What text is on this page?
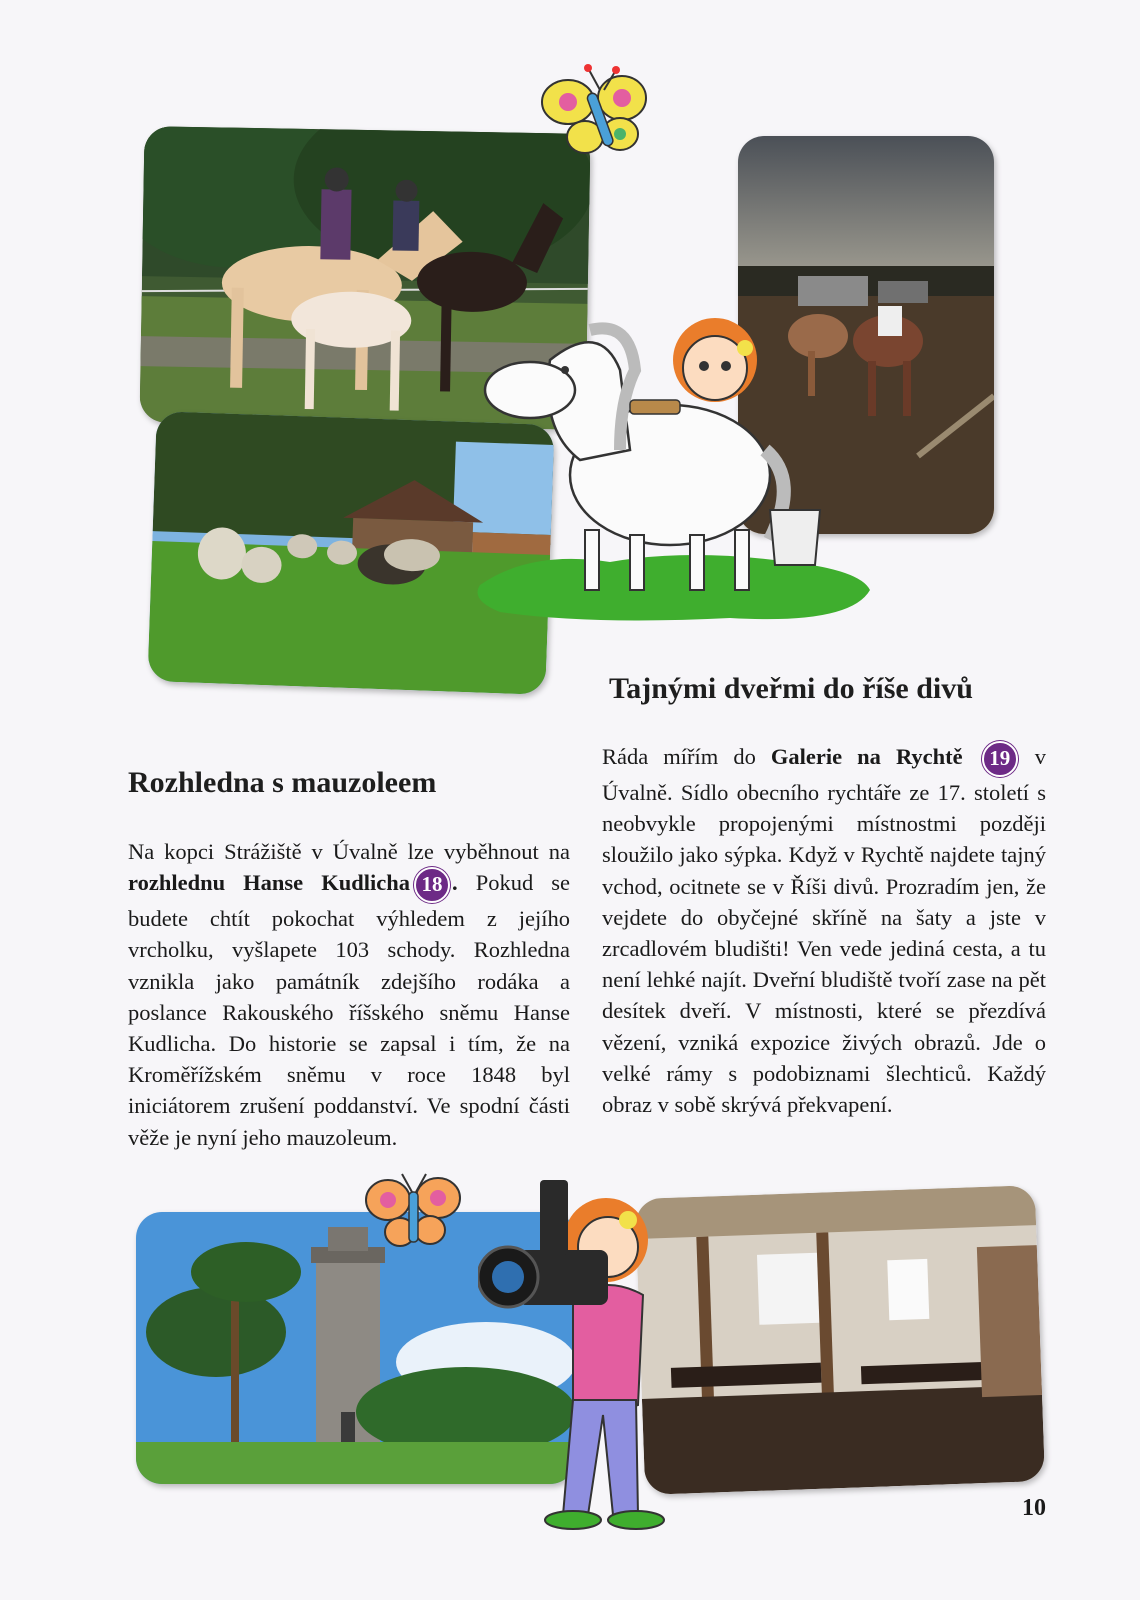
Tajnými dveřmi do říše divů
Rozhledna s mauzoleem

Na kopci Strážiště v Úvalně lze vyběhnout na rozhlednu Hanse Kudlicha 18 . Pokud se budete chtít pokochat výhledem z jejího vrcholku, vyšlapete 103 schody. Rozhledna vznikla jako památník zdejšího rodáka a poslance Rakouského říšského sněmu Hanse Kudlicha. Do historie se zapsal i tím, že na Kroměřížském sněmu v roce 1848 byl iniciátorem zrušení poddanství. Ve spodní části věže je nyní jeho mauzoleum.

Ráda mířím do Galerie na Rychtě 19 v Úvalně. Sídlo obecního rychtáře ze 17. století s neobvykle propojenými místnostmi později sloužilo jako sýpka. Když v Rychtě najdete tajný vchod, ocitnete se v Říši divů. Prozradím jen, že vejdete do obyčejné skříně na šaty a jste v zrcadlovém bludišti! Ven vede jediná cesta, a tu není lehké najít. Dveřní bludiště tvoří zase na pět desítek dveří. V místnosti, které se přezdívá vězení, vzniká expozice živých obrazů. Jde o velké rámy s podobiznami šlechticů. Každý obraz v sobě skrývá překvapení.

10
